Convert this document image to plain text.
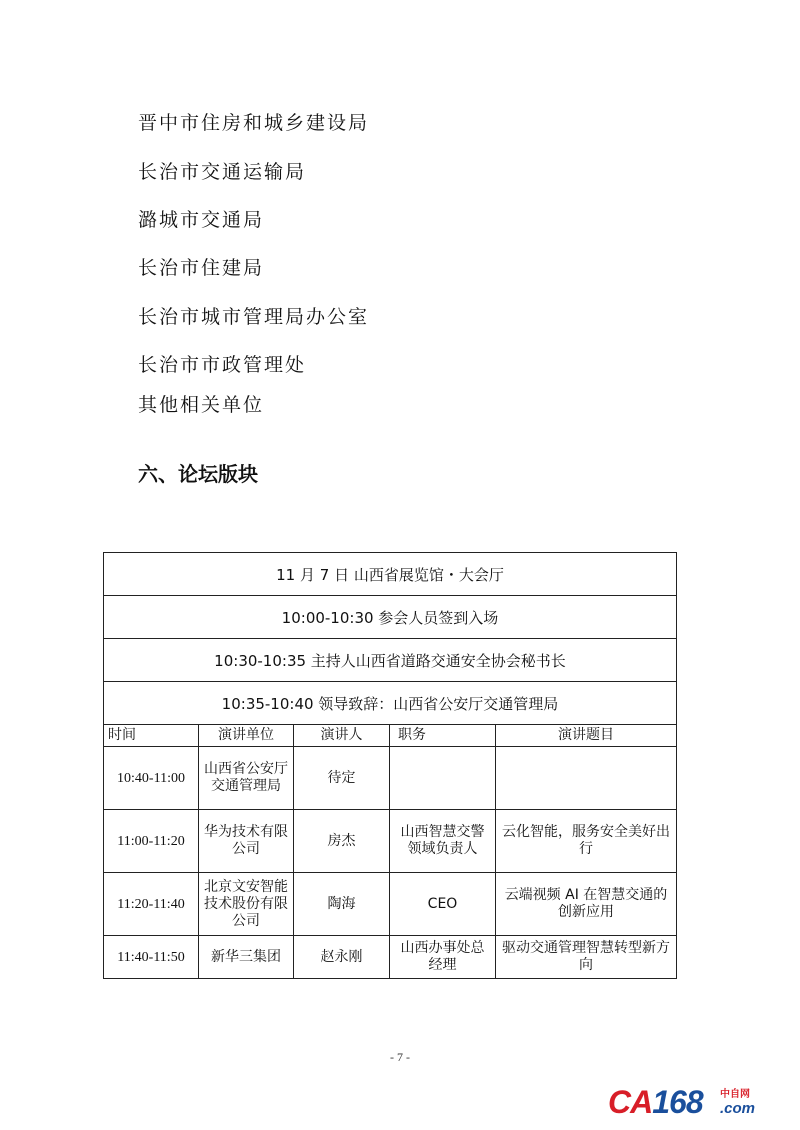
晋中市住房和城乡建设局
长治市交通运输局
潞城市交通局
长治市住建局
长治市城市管理局办公室
长治市市政管理处
其他相关单位
六、论坛版块
11 月 7 日 山西省展览馆・大会厅				
10:00-10:30 参会人员签到入场				
10:30-10:35 主持人山西省道路交通安全协会秘书长				
10:35-10:40 领导致辞：山西省公安厅交通管理局				
时间	演讲单位	演讲人	职务	演讲题目
10:40-11:00	山西省公安厅交通管理局	待定		
11:00-11:20	华为技术有限公司	房杰	山西智慧交警领域负责人	云化智能，服务安全美好出行
11:20-11:40	北京文安智能技术股份有限公司	陶海	CEO	云端视频 AI 在智慧交通的创新应用
11:40-11:50	新华三集团	赵永刚	山西办事处总经理	驱动交通管理智慧转型新方向
- 7 -
CA168 中自网
.com
